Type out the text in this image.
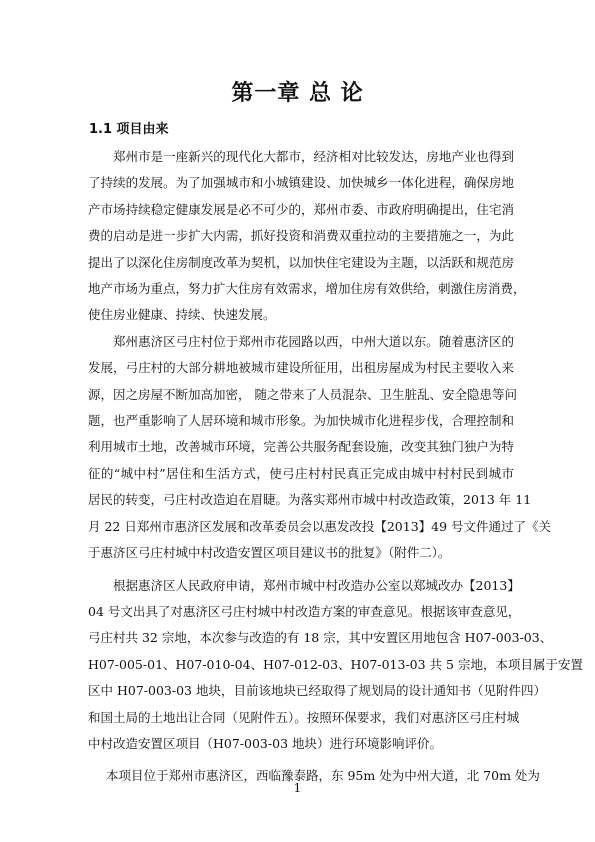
第一章 总 论
1.1 项目由来

郑州市是一座新兴的现代化大都市，经济相对比较发达，房地产业也得到
了持续的发展。为了加强城市和小城镇建设、加快城乡一体化进程，确保房地
产市场持续稳定健康发展是必不可少的，郑州市委、市政府明确提出，住宅消
费的启动是进一步扩大内需，抓好投资和消费双重拉动的主要措施之一，为此
提出了以深化住房制度改革为契机，以加快住宅建设为主题，以活跃和规范房
地产市场为重点，努力扩大住房有效需求，增加住房有效供给，刺激住房消费，
使住房业健康、持续、快速发展。

郑州惠济区弓庄村位于郑州市花园路以西，中州大道以东。随着惠济区的
发展，弓庄村的大部分耕地被城市建设所征用，出租房屋成为村民主要收入来
源，因之房屋不断加高加密， 随之带来了人员混杂、卫生脏乱、安全隐患等问
题，也严重影响了人居环境和城市形象。为加快城市化进程步伐，合理控制和
利用城市土地，改善城市环境，完善公共服务配套设施，改变其独门独户为特
征的“城中村”居住和生活方式，使弓庄村村民真正完成由城中村村民到城市
居民的转变，弓庄村改造迫在眉睫。为落实郑州市城中村改造政策，2013 年 11
月 22 日郑州市惠济区发展和改革委员会以惠发改投【2013】49 号文件通过了《关
于惠济区弓庄村城中村改造安置区项目建议书的批复》（附件二）。

根据惠济区人民政府申请，郑州市城中村改造办公室以郑城改办【2013】
04 号文出具了对惠济区弓庄村城中村改造方案的审查意见。根据该审查意见，
弓庄村共 32 宗地，本次参与改造的有 18 宗，其中安置区用地包含 H07-003-03、
H07-005-01、H07-010-04、H07-012-03、H07-013-03 共 5 宗地，本项目属于安置
区中 H07-003-03 地块，目前该地块已经取得了规划局的设计通知书（见附件四）
和国土局的土地出让合同（见附件五）。按照环保要求，我们对惠济区弓庄村城
中村改造安置区项目（H07-003-03 地块）进行环境影响评价。

本项目位于郑州市惠济区，西临豫泰路，东 95m 处为中州大道，北 70m 处为

1
